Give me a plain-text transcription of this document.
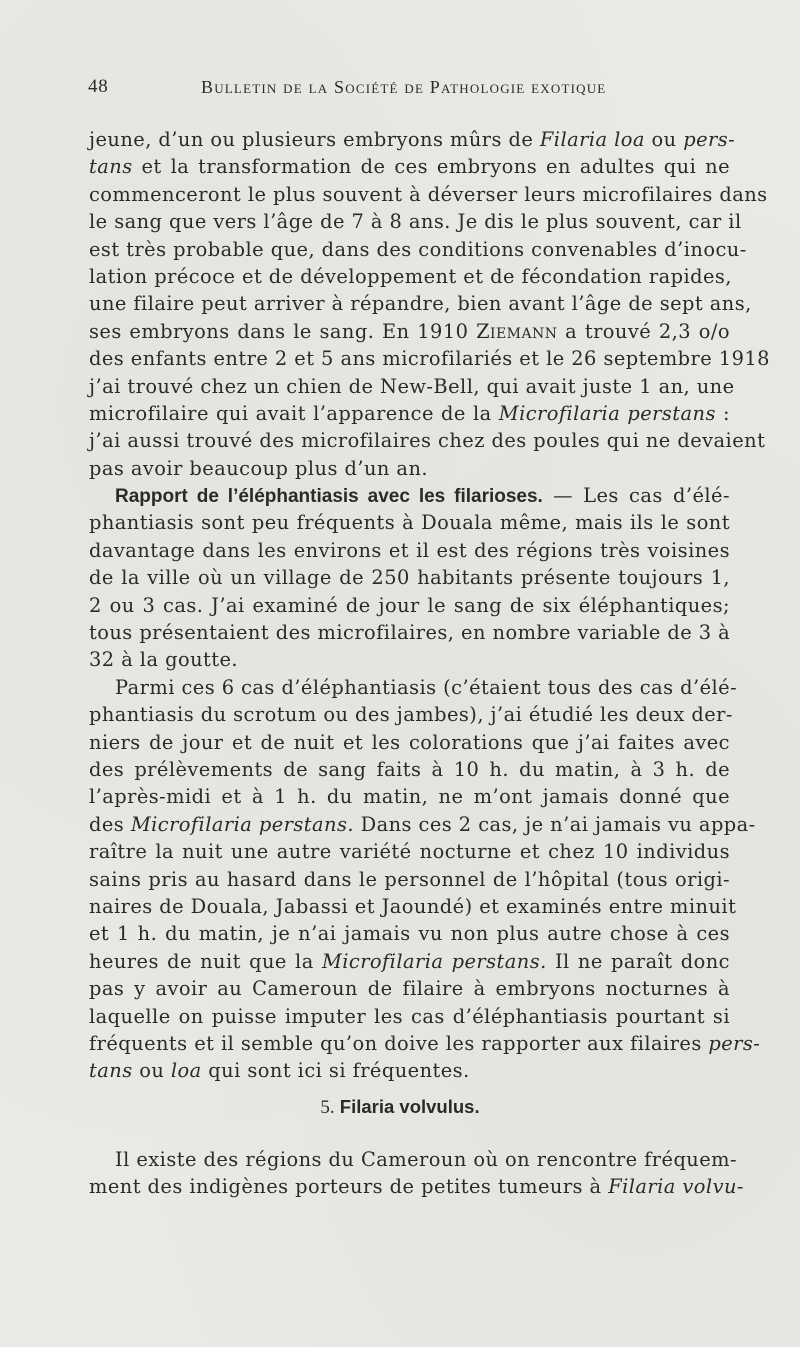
48	Bulletin de la Société de Pathologie exotique
jeune, d’un ou plusieurs embryons mûrs de Filaria loa ou pers-
tans et la transformation de ces embryons en adultes qui ne
commenceront le plus souvent à déverser leurs microfilaires dans
le sang que vers l’âge de 7 à 8 ans. Je dis le plus souvent, car il
est très probable que, dans des conditions convenables d’inocu-
lation précoce et de développement et de fécondation rapides,
une filaire peut arriver à répandre, bien avant l’âge de sept ans,
ses embryons dans le sang. En 1910 Ziemann a trouvé 2,3 o/o
des enfants entre 2 et 5 ans microfilariés et le 26 septembre 1918
j’ai trouvé chez un chien de New-Bell, qui avait juste 1 an, une
microfilaire qui avait l’apparence de la Microfilaria perstans :
j’ai aussi trouvé des microfilaires chez des poules qui ne devaient
pas avoir beaucoup plus d’un an.
Rapport de l’éléphantiasis avec les filarioses. — Les cas d’élé-
phantiasis sont peu fréquents à Douala même, mais ils le sont
davantage dans les environs et il est des régions très voisines
de la ville où un village de 250 habitants présente toujours 1,
2 ou 3 cas. J’ai examiné de jour le sang de six éléphantiques;
tous présentaient des microfilaires, en nombre variable de 3 à
32 à la goutte.
Parmi ces 6 cas d’éléphantiasis (c’étaient tous des cas d’élé-
phantiasis du scrotum ou des jambes), j’ai étudié les deux der-
niers de jour et de nuit et les colorations que j’ai faites avec
des prélèvements de sang faits à 10 h. du matin, à 3 h. de
l’après-midi et à 1 h. du matin, ne m’ont jamais donné que
des Microfilaria perstans. Dans ces 2 cas, je n’ai jamais vu appa-
raître la nuit une autre variété nocturne et chez 10 individus
sains pris au hasard dans le personnel de l’hôpital (tous origi-
naires de Douala, Jabassi et Jaoundé) et examinés entre minuit
et 1 h. du matin, je n’ai jamais vu non plus autre chose à ces
heures de nuit que la Microfilaria perstans. Il ne paraît donc
pas y avoir au Cameroun de filaire à embryons nocturnes à
laquelle on puisse imputer les cas d’éléphantiasis pourtant si
fréquents et il semble qu’on doive les rapporter aux filaires pers-
tans ou loa qui sont ici si fréquentes.
5. Filaria volvulus.
Il existe des régions du Cameroun où on rencontre fréquem-
ment des indigènes porteurs de petites tumeurs à Filaria volvu-
